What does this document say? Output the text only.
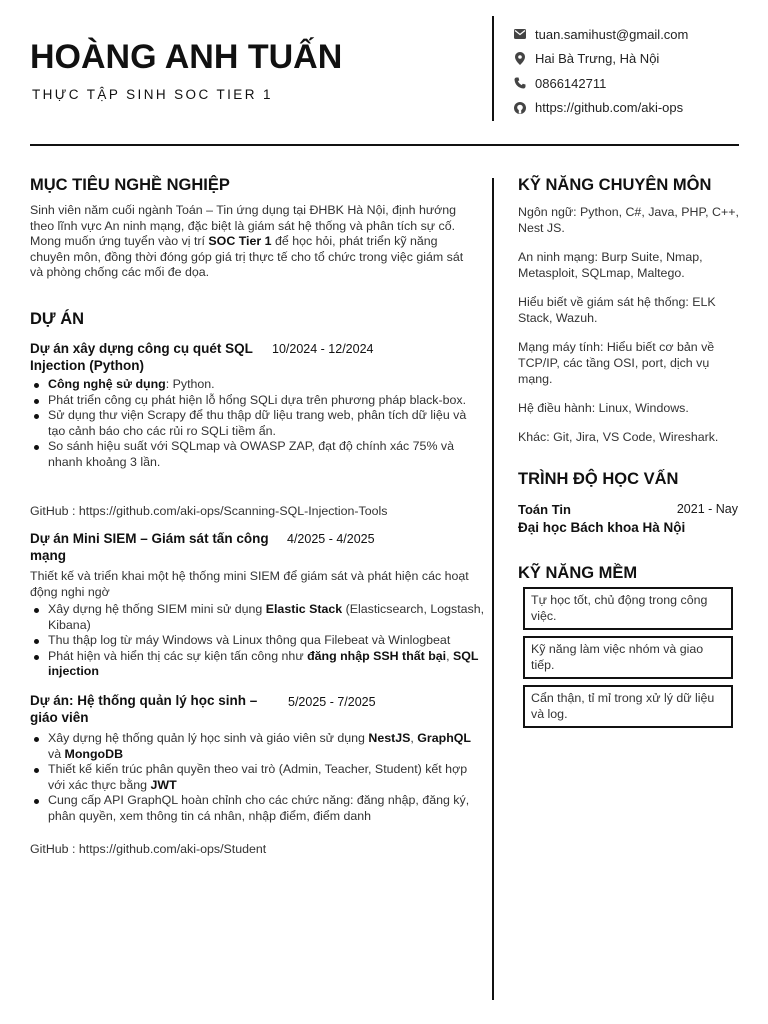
HOÀNG ANH TUẤN
THỰC TẬP SINH SOC TIER 1
tuan.samihust@gmail.com
Hai Bà Trưng, Hà Nội
0866142711
https://github.com/aki-ops
MỤC TIÊU NGHỀ NGHIỆP
Sinh viên năm cuối ngành Toán – Tin ứng dụng tại ĐHBK Hà Nội, định hướng theo lĩnh vực An ninh mạng, đặc biệt là giám sát hệ thống và phân tích sự cố. Mong muốn ứng tuyển vào vị trí SOC Tier 1 để học hỏi, phát triển kỹ năng chuyên môn, đồng thời đóng góp giá trị thực tế cho tổ chức trong việc giám sát và phòng chống các mối đe dọa.
DỰ ÁN
Dự án xây dựng công cụ quét SQL Injection (Python)
10/2024 - 12/2024
Công nghệ sử dụng: Python.
Phát triển công cụ phát hiện lỗ hổng SQLi dựa trên phương pháp black-box.
Sử dụng thư viện Scrapy để thu thập dữ liệu trang web, phân tích dữ liệu và tạo cảnh báo cho các rủi ro SQLi tiềm ẩn.
So sánh hiệu suất với SQLmap và OWASP ZAP, đạt độ chính xác 75% và nhanh khoảng 3 lần.
GitHub : https://github.com/aki-ops/Scanning-SQL-Injection-Tools
Dự án Mini SIEM – Giám sát tấn công mạng
4/2025 - 4/2025
Thiết kế và triển khai một hệ thống mini SIEM để giám sát và phát hiện các hoạt động nghi ngờ
Xây dựng hệ thống SIEM mini sử dụng Elastic Stack (Elasticsearch, Logstash, Kibana)
Thu thập log từ máy Windows và Linux thông qua Filebeat và Winlogbeat
Phát hiện và hiển thị các sự kiện tấn công như đăng nhập SSH thất bại, SQL injection
Dự án: Hệ thống quản lý học sinh – giáo viên
5/2025 - 7/2025
Xây dựng hệ thống quản lý học sinh và giáo viên sử dụng NestJS, GraphQL và MongoDB
Thiết kế kiến trúc phân quyền theo vai trò (Admin, Teacher, Student) kết hợp với xác thực bằng JWT
Cung cấp API GraphQL hoàn chỉnh cho các chức năng: đăng nhập, đăng ký, phân quyền, xem thông tin cá nhân, nhập điểm, điểm danh
GitHub : https://github.com/aki-ops/Student
KỸ NĂNG CHUYÊN MÔN
Ngôn ngữ: Python, C#, Java, PHP, C++, Nest JS.
An ninh mạng: Burp Suite, Nmap, Metasploit, SQLmap, Maltego.
Hiểu biết về giám sát hệ thống: ELK Stack, Wazuh.
Mạng máy tính: Hiểu biết cơ bản về TCP/IP, các tầng OSI, port, dịch vụ mạng.
Hệ điều hành: Linux, Windows.
Khác: Git, Jira, VS Code, Wireshark.
TRÌNH ĐỘ HỌC VẤN
Toán Tin	2021 - Nay
Đại học Bách khoa Hà Nội
KỸ NĂNG MỀM
Tự học tốt, chủ động trong công việc.
Kỹ năng làm việc nhóm và giao tiếp.
Cẩn thận, tỉ mỉ trong xử lý dữ liệu và log.
